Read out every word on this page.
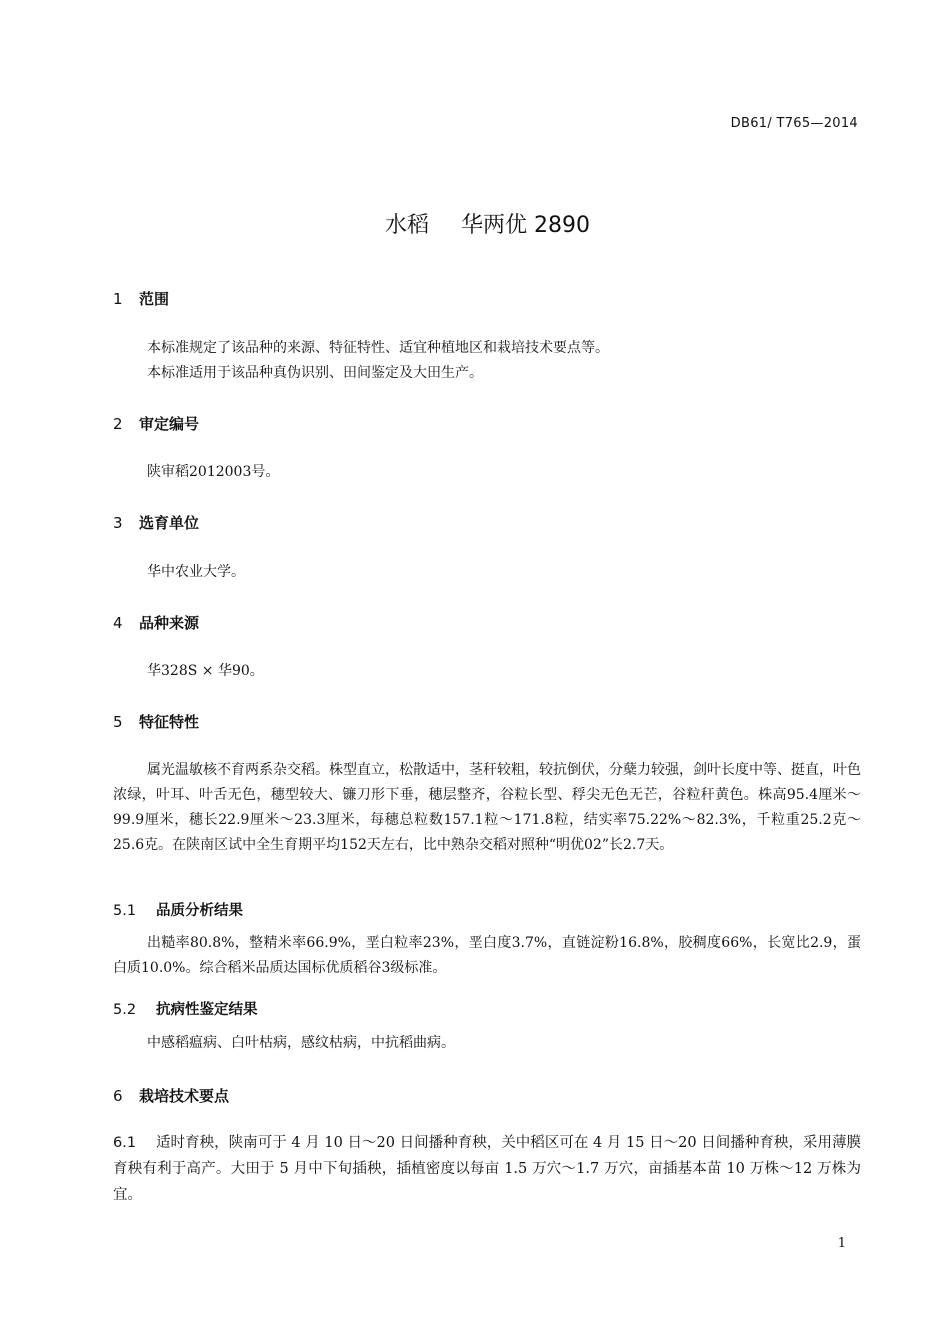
DB61/ T765—2014
水稻 华两优 2890
1 范围

本标准规定了该品种的来源、特征特性、适宜种植地区和栽培技术要点等。

本标准适用于该品种真伪识别、田间鉴定及大田生产。

2 审定编号

陕审稻2012003号。

3 选育单位

华中农业大学。

4 品种来源

华328S × 华90。

5 特征特性

属光温敏核不育两系杂交稻。株型直立，松散适中，茎秆较粗，较抗倒伏，分蘖力较强，剑叶长度中等、挺直，叶色浓绿，叶耳、叶舌无色，穗型较大、镰刀形下垂，穗层整齐，谷粒长型、稃尖无色无芒，谷粒秆黄色。株高95.4厘米～99.9厘米，穗长22.9厘米～23.3厘米，每穗总粒数157.1粒～171.8粒，结实率75.22%～82.3%，千粒重25.2克～25.6克。在陕南区试中全生育期平均152天左右，比中熟杂交稻对照种“明优02”长2.7天。

5.1 品质分析结果

出糙率80.8%，整精米率66.9%，垩白粒率23%，垩白度3.7%，直链淀粉16.8%，胶稠度66%，长宽比2.9，蛋白质10.0%。综合稻米品质达国标优质稻谷3级标准。

5.2 抗病性鉴定结果

中感稻瘟病、白叶枯病，感纹枯病，中抗稻曲病。

6 栽培技术要点

6.1 适时育秧，陕南可于 4 月 10 日～20 日间播种育秧，关中稻区可在 4 月 15 日～20 日间播种育秧，采用薄膜育秧有利于高产。大田于 5 月中下旬插秧，插植密度以每亩 1.5 万穴～1.7 万穴，亩插基本苗 10 万株～12 万株为宜。

1
